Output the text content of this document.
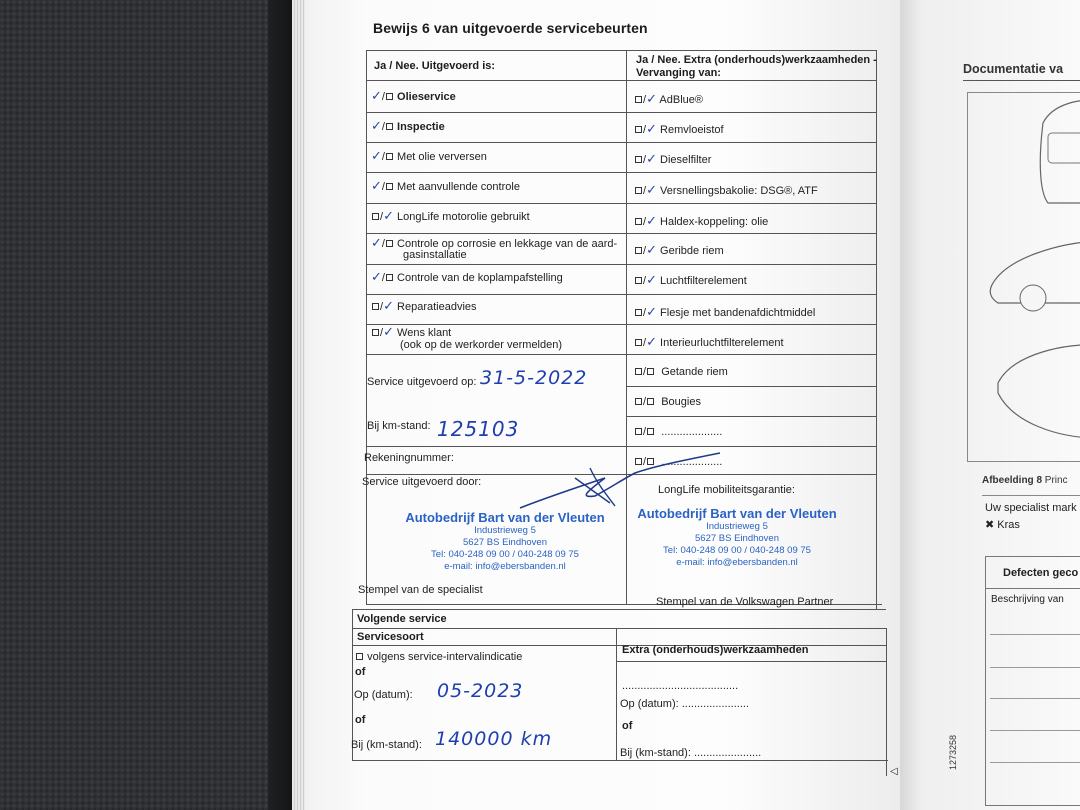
Bewijs 6 van uitgevoerde servicebeurten
Ja / Nee. Uitgevoerd is:	Ja / Nee. Extra (onderhouds)werkzaamheden -
Vervanging van:
✓/ Olieservice
✓/ Inspectie
✓/ Met olie verversen
✓/ Met aanvullende controle
/✓ LongLife motorolie gebruikt
✓/ Controle op corrosie en lekkage van de aard-
gasinstallatie
✓/ Controle van de koplampafstelling
/✓ Reparatieadvies
/✓ Wens klant
(ook op de werkorder vermelden)
/✓ AdBlue®
/✓ Remvloeistof
/✓ Dieselfilter
/✓ Versnellingsbakolie: DSG®, ATF
/✓ Haldex-koppeling: olie
/✓ Geribde riem
/✓ Luchtfilterelement
/✓ Flesje met bandenafdichtmiddel
/✓ Interieurluchtfilterelement
/ Getande riem
/ Bougies
/ ....................
/ ....................
Service uitgevoerd op: 31-5-2022
Bij km-stand: 125103
Rekeningnummer:
Service uitgevoerd door:
LongLife mobiliteitsgarantie:
Autobedrijf Bart van der Vleuten
Industrieweg 5
5627 BS Eindhoven
Tel: 040-248 09 00 / 040-248 09 75
e-mail: info@ebersbanden.nl
Autobedrijf Bart van der Vleuten
Industrieweg 5
5627 BS Eindhoven
Tel: 040-248 09 00 / 040-248 09 75
e-mail: info@ebersbanden.nl
Stempel van de specialist
Stempel van de Volkswagen Partner
Volgende service
Servicesoort
Extra (onderhouds)werkzaamheden
volgens service-intervalindicatie
of
Op (datum): 05-2023
of
Bij (km-stand): 140000 km
......................................
Op (datum): ......................
of
Bij (km-stand): ......................
◁
Documentatie va
Afbeelding 8 Princ
Uw specialist mark
✖ Kras
Defecten geco
Beschrijving van
1273258
